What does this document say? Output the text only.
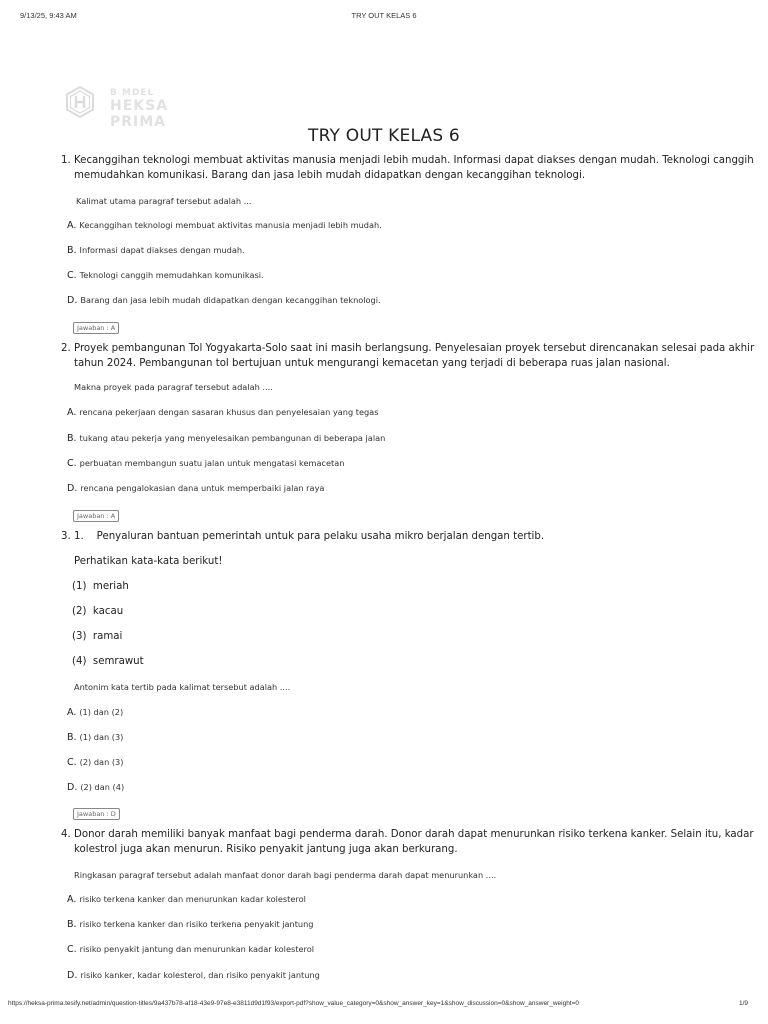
9/13/25, 9:43 AM	TRY OUT KELAS 6
B MDEL
HEKSA PRIMA
TRY OUT KELAS 6
1. Kecanggihan teknologi membuat aktivitas manusia menjadi lebih mudah. Informasi dapat diakses dengan mudah. Teknologi canggih
memudahkan komunikasi. Barang dan jasa lebih mudah didapatkan dengan kecanggihan teknologi.
Kalimat utama paragraf tersebut adalah ...
A. Kecanggihan teknologi membuat aktivitas manusia menjadi lebih mudah.
B. Informasi dapat diakses dengan mudah.
C. Teknologi canggih memudahkan komunikasi.
D. Barang dan jasa lebih mudah didapatkan dengan kecanggihan teknologi.
Jawaban : A
2. Proyek pembangunan Tol Yogyakarta-Solo saat ini masih berlangsung. Penyelesaian proyek tersebut direncanakan selesai pada akhir
tahun 2024. Pembangunan tol bertujuan untuk mengurangi kemacetan yang terjadi di beberapa ruas jalan nasional.
Makna proyek pada paragraf tersebut adalah ....
A. rencana pekerjaan dengan sasaran khusus dan penyelesaian yang tegas
B. tukang atau pekerja yang menyelesaikan pembangunan di beberapa jalan
C. perbuatan membangun suatu jalan untuk mengatasi kemacetan
D. rencana pengalokasian dana untuk memperbaiki jalan raya
Jawaban : A
3. 1.    Penyaluran bantuan pemerintah untuk para pelaku usaha mikro berjalan dengan tertib.
Perhatikan kata-kata berikut!
(1)  meriah
(2)  kacau
(3)  ramai
(4)  semrawut
Antonim kata tertib pada kalimat tersebut adalah ....
A. (1) dan (2)
B. (1) dan (3)
C. (2) dan (3)
D. (2) dan (4)
Jawaban : D
4. Donor darah memiliki banyak manfaat bagi penderma darah. Donor darah dapat menurunkan risiko terkena kanker. Selain itu, kadar
kolestrol juga akan menurun. Risiko penyakit jantung juga akan berkurang.
Ringkasan paragraf tersebut adalah manfaat donor darah bagi penderma darah dapat menurunkan ....
A. risiko terkena kanker dan menurunkan kadar kolesterol
B. risiko terkena kanker dan risiko terkena penyakit jantung
C. risiko penyakit jantung dan menurunkan kadar kolesterol
D. risiko kanker, kadar kolesterol, dan risiko penyakit jantung
https://heksa-prima.tesify.net/admin/question-titles/9a437b78-af18-43e9-97e8-e3811d9d1f93/export-pdf?show_value_category=0&show_answer_key=1&show_discussion=0&show_answer_weight=0	1/9
